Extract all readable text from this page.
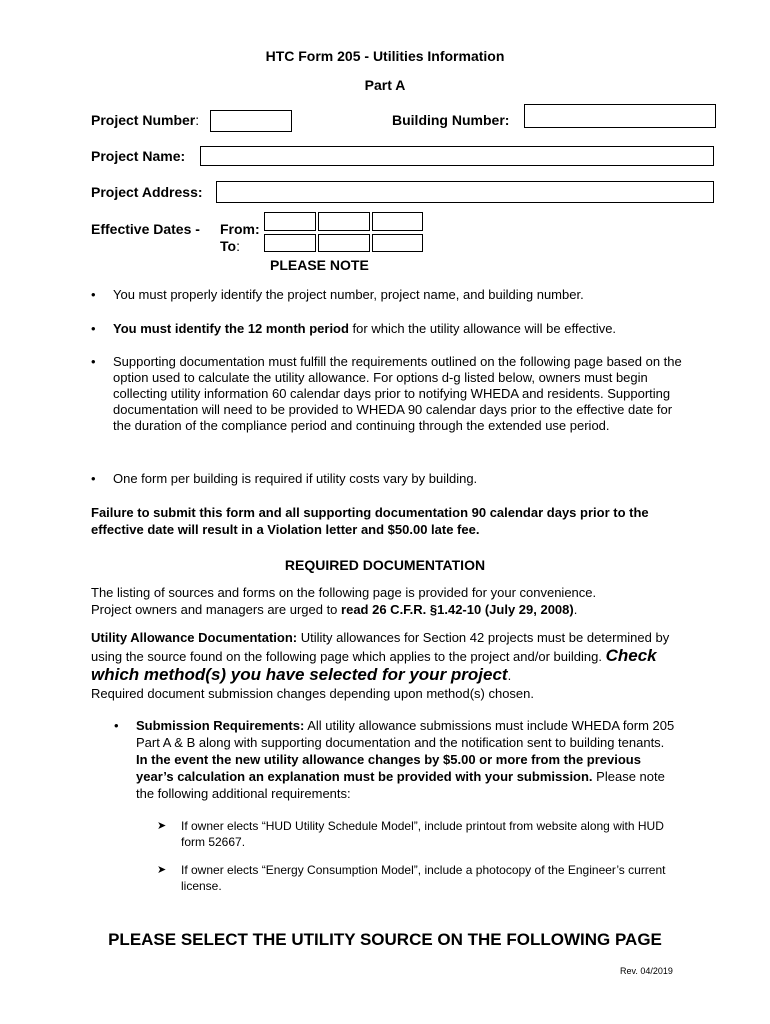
HTC Form 205 - Utilities Information
Part A
Project Number:	Building Number:
Project Name:
Project Address:
Effective Dates - From:
To:
PLEASE NOTE
You must properly identify the project number, project name, and building number.
You must identify the 12 month period for which the utility allowance will be effective.
Supporting documentation must fulfill the requirements outlined on the following page based on the option used to calculate the utility allowance. For options d-g listed below, owners must begin collecting utility information 60 calendar days prior to notifying WHEDA and residents. Supporting documentation will need to be provided to WHEDA 90 calendar days prior to the effective date for the duration of the compliance period and continuing through the extended use period.
One form per building is required if utility costs vary by building.
Failure to submit this form and all supporting documentation 90 calendar days prior to the effective date will result in a Violation letter and $50.00 late fee.
REQUIRED DOCUMENTATION

The listing of sources and forms on the following page is provided for your convenience.

Project owners and managers are urged to read 26 C.F.R. §1.42-10 (July 29, 2008).

Utility Allowance Documentation: Utility allowances for Section 42 projects must be determined by using the source found on the following page which applies to the project and/or building. Check which method(s) you have selected for your project.

Required document submission changes depending upon method(s) chosen.

Submission Requirements: All utility allowance submissions must include WHEDA form 205 Part A & B along with supporting documentation and the notification sent to building tenants. In the event the new utility allowance changes by $5.00 or more from the previous year’s calculation an explanation must be provided with your submission. Please note the following additional requirements:
➤ If owner elects “HUD Utility Schedule Model”, include printout from website along with HUD form 52667.
➤ If owner elects “Energy Consumption Model”, include a photocopy of the Engineer’s current license.
PLEASE SELECT THE UTILITY SOURCE ON THE FOLLOWING PAGE
Rev. 04/2019
